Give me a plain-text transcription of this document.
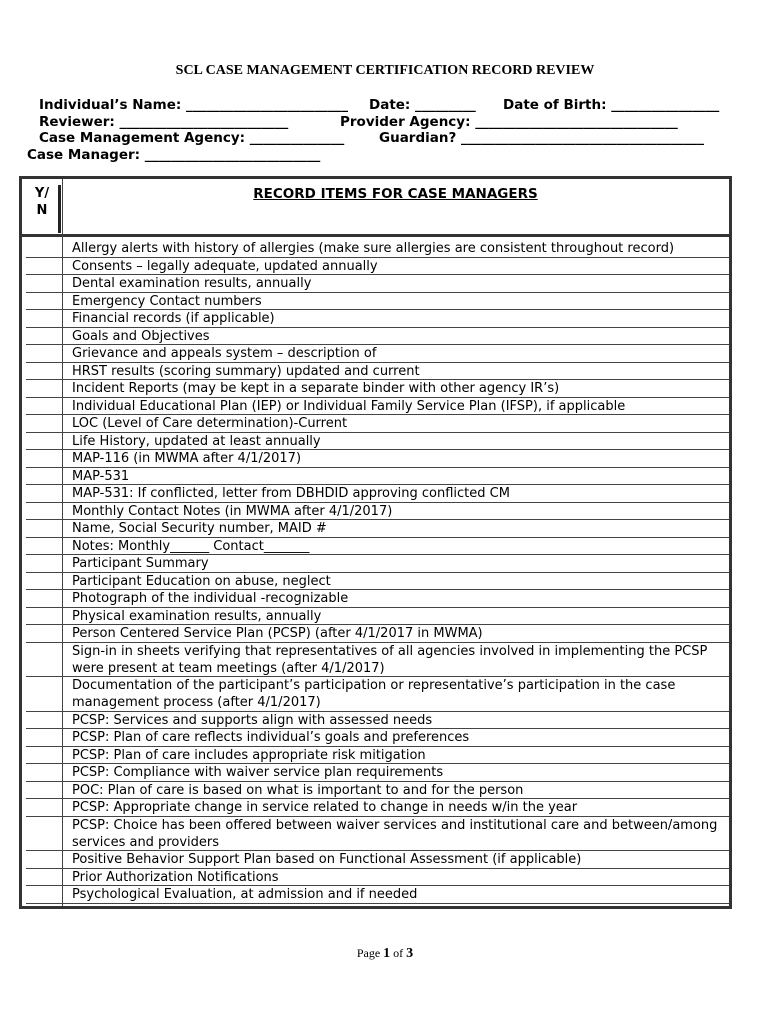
SCL CASE MANAGEMENT CERTIFICATION RECORD REVIEW
Individual’s Name: ________________________ Date: _________ Date of Birth: ________________
Reviewer: _________________________	Provider Agency: ______________________________
Case Management Agency: ______________	Guardian? ____________________________________
Case Manager: __________________________
Y/
N
RECORD ITEMS FOR CASE MANAGERS
Allergy alerts with history of allergies (make sure allergies are consistent throughout record)
Consents – legally adequate, updated annually
Dental examination results, annually
Emergency Contact numbers
Financial records (if applicable)
Goals and Objectives
Grievance and appeals system – description of
HRST results (scoring summary) updated and current
Incident Reports (may be kept in a separate binder with other agency IR’s)
Individual Educational Plan (IEP) or Individual Family Service Plan (IFSP), if applicable
LOC (Level of Care determination)-Current
Life History, updated at least annually
MAP-116 (in MWMA after 4/1/2017)
MAP-531
MAP-531: If conflicted, letter from DBHDID approving conflicted CM
Monthly Contact Notes (in MWMA after 4/1/2017)
Name, Social Security number, MAID #
Notes: Monthly______ Contact_______
Participant Summary
Participant Education on abuse, neglect
Photograph of the individual -recognizable
Physical examination results, annually
Person Centered Service Plan (PCSP) (after 4/1/2017 in MWMA)
Sign-in in sheets verifying that representatives of all agencies involved in implementing the PCSP were present at team meetings (after 4/1/2017)
Documentation of the participant’s participation or representative’s participation in the case management process (after 4/1/2017)
PCSP: Services and supports align with assessed needs
PCSP: Plan of care reflects individual’s goals and preferences
PCSP: Plan of care includes appropriate risk mitigation
PCSP: Compliance with waiver service plan requirements
POC: Plan of care is based on what is important to and for the person
PCSP: Appropriate change in service related to change in needs w/in the year
PCSP: Choice has been offered between waiver services and institutional care and between/among services and providers
Positive Behavior Support Plan based on Functional Assessment (if applicable)
Prior Authorization Notifications
Psychological Evaluation, at admission and if needed
Page 1 of 3
